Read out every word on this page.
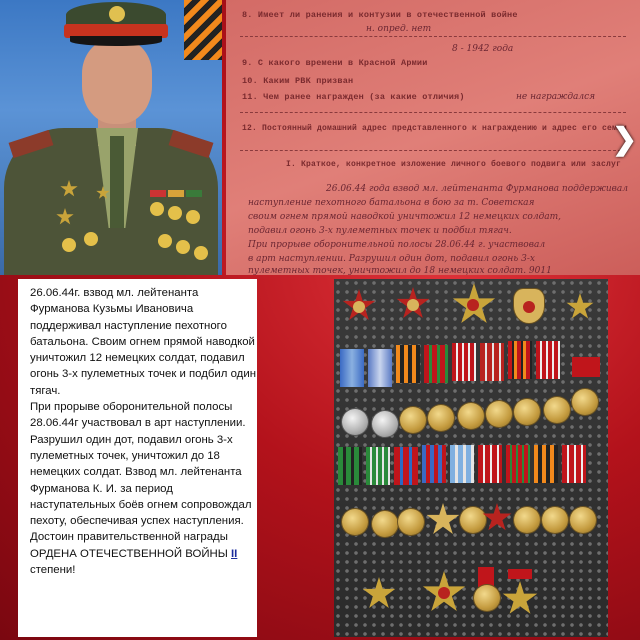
8. Имеет ли ранения и контузии в отечественной войне
н. опред. нет
8 - 1942 года
9. С какого времени в Красной Армии
10. Каким РВК призван
11. Чем ранее награжден (за какие отличия)	не награждался
12. Постоянный домашний адрес представленного к награждению и адрес его семьи
I. Краткое, конкретное изложение личного боевого подвига или заслуг
26.06.44 года взвод мл. лейтенанта Фурманова поддерживал
наступление пехотного батальона в бою за т. Советская
своим огнем прямой наводкой уничтожил 12 немецких солдат,
подавил огонь 3-х пулеметных точек и подбил тягач.
При прорыве оборонительной полосы 28.06.44 г. участвовал
в арт наступлении. Разрушил один дот, подавил огонь 3-х
пулеметных точек, уничтожил до 18 немецких солдат. 9011
❯

26.06.44г. взвод мл. лейтенанта Фурманова Кузьмы Ивановича поддерживал наступление пехотного батальона. Своим огнем прямой наводкой уничтожил 12 немецких солдат, подавил огонь 3-х пулеметных точек и подбил один тягач.

При прорыве оборонительной полосы 28.06.44г участвовал в арт наступлении. Разрушил один дот, подавил огонь 3-х пулеметных точек, уничтожил до 18 немецких солдат. Взвод мл. лейтенанта Фурманова К. И. за период наступательных боёв огнем сопровождал пехоту, обеспечивая успех наступления.

Достоин правительственной награды ОРДЕНА ОТЕЧЕСТВЕННОЙ ВОЙНЫ II степени!
